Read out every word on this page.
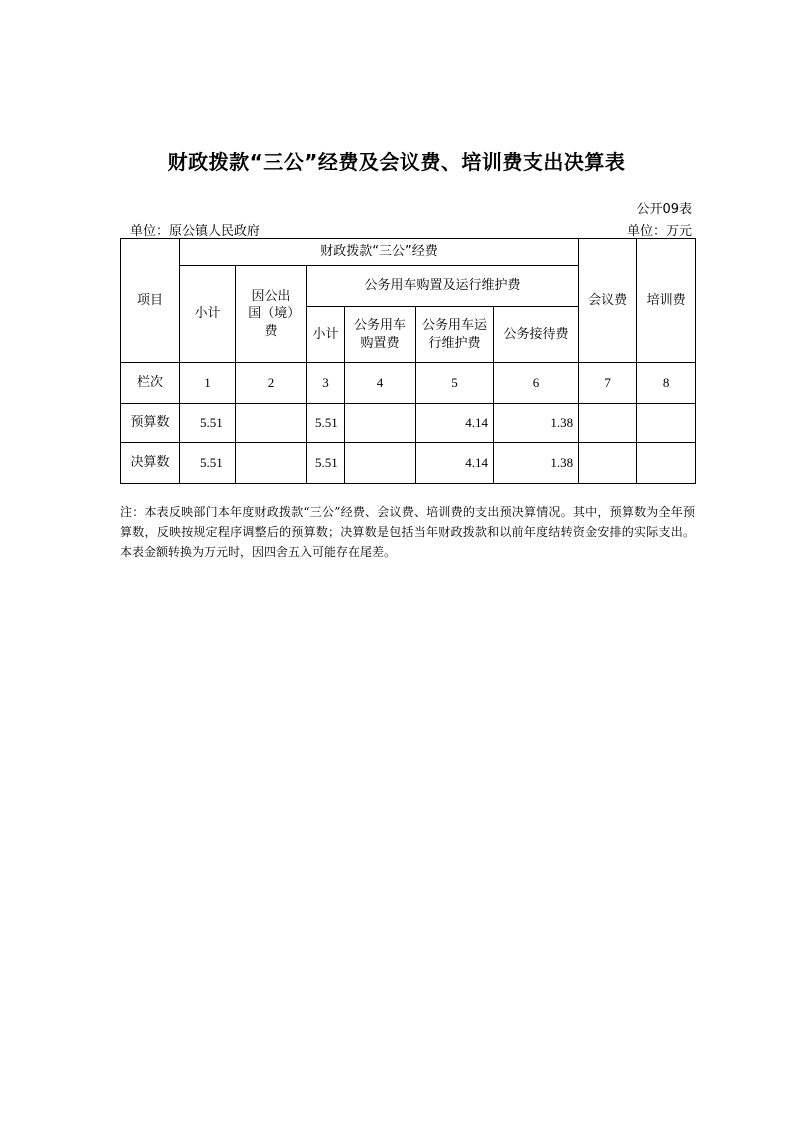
财政拨款“三公”经费及会议费、培训费支出决算表
公开09表
单位：原公镇人民政府	单位：万元
项目	财政拨款“三公”经费						会议费	培训费
	小计	因公出国（境）费	公务用车购置及运行维护费					
			小计	公务用车购置费	公务用车运行维护费	公务接待费		
栏次	1	2	3	4	5	6	7	8
预算数	5.51		5.51		4.14	1.38		
决算数	5.51		5.51		4.14	1.38		
注：本表反映部门本年度财政拨款“三公”经费、会议费、培训费的支出预决算情况。其中，预算数为全年预算数，反映按规定程序调整后的预算数；决算数是包括当年财政拨款和以前年度结转资金安排的实际支出。本表金额转换为万元时，因四舍五入可能存在尾差。
